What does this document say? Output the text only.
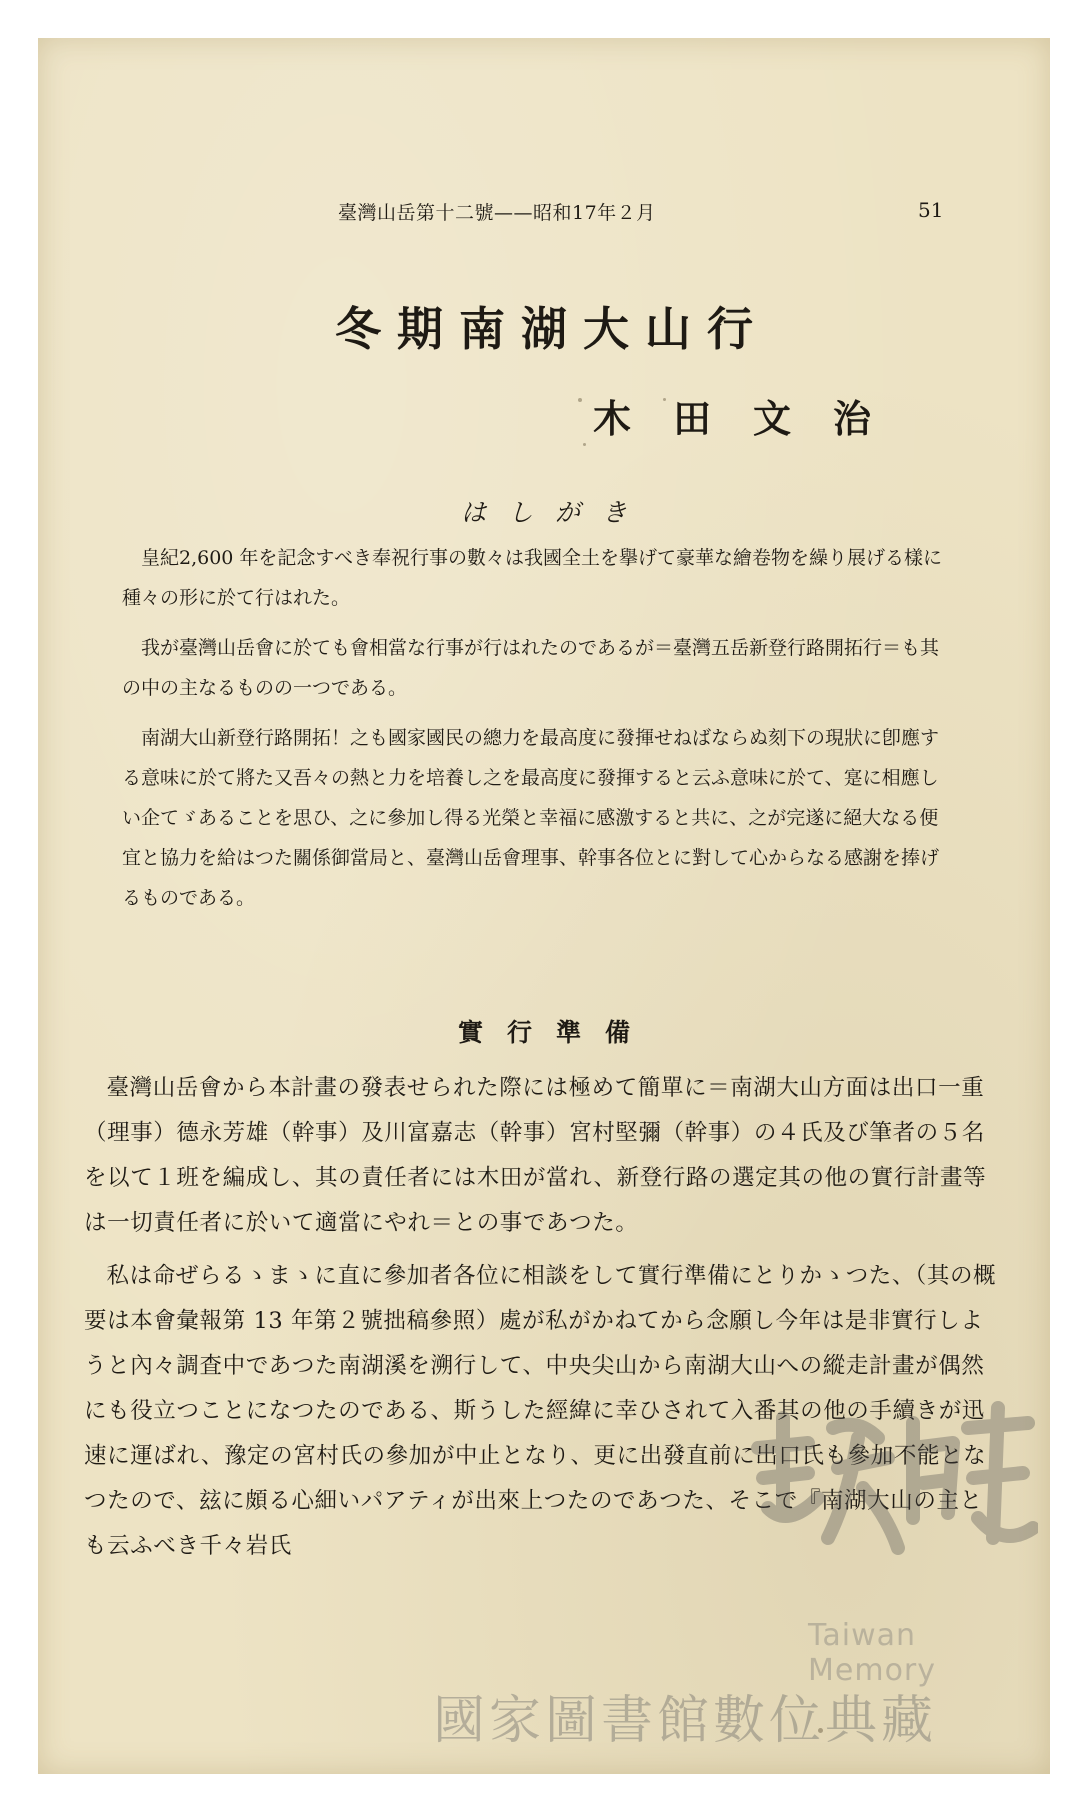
臺灣山岳第十二號——昭和17年２月	51
冬期南湖大山行
木田文治
はしがき

皇紀2,600 年を記念すべき奉祝行事の數々は我國全土を擧げて豪華な繪卷物を繰り展げる樣に種々の形に於て行はれた。

我が臺灣山岳會に於ても會相當な行事が行はれたのであるが＝臺灣五岳新登行路開拓行＝も其の中の主なるものの一つである。

南湖大山新登行路開拓！之も國家國民の總力を最高度に發揮せねばならぬ刻下の現狀に卽應する意味に於て將た又吾々の熱と力を培養し之を最高度に發揮すると云ふ意味に於て、寔に相應しい企てゞあることを思ひ、之に參加し得る光榮と幸福に感激すると共に、之が完遂に絕大なる便宜と協力を給はつた關係御當局と、臺灣山岳會理事、幹事各位とに對して心からなる感謝を捧げるものである。

實行準備

臺灣山岳會から本計畫の發表せられた際には極めて簡單に＝南湖大山方面は出口一重（理事）德永芳雄（幹事）及川富嘉志（幹事）宮村堅彌（幹事）の４氏及び筆者の５名を以て１班を編成し、其の責任者には木田が當れ、新登行路の選定其の他の實行計畫等は一切責任者に於いて適當にやれ＝との事であつた。

私は命ぜらるゝまゝに直に參加者各位に相談をして實行準備にとりかゝつた、（其の概要は本會彙報第 13 年第２號拙稿參照）處が私がかねてから念願し今年は是非實行しようと內々調査中であつた南湖溪を溯行して、中央尖山から南湖大山への縱走計畫が偶然にも役立つことになつたのである、斯うした經緯に幸ひされて入番其の他の手續きが迅速に運ばれ、豫定の宮村氏の參加が中止となり、更に出發直前に出口氏も參加不能となつたので、玆に頗る心細いパアティが出來上つたのであつた、そこで『南湖大山の主とも云ふべき千々岩氏

Taiwan Memory
國家圖書館數位典藏
